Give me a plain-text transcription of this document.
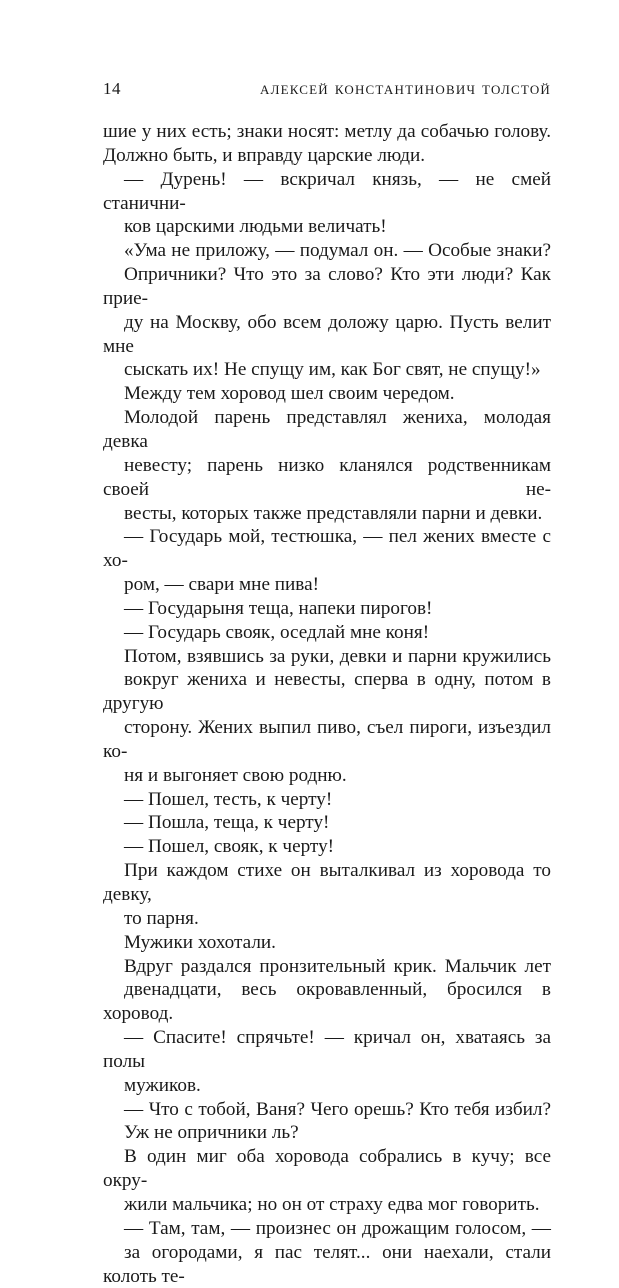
14	алексей константинович толстой

шие у них есть; знаки носят: метлу да собачью голову.
Должно быть, и вправду царские люди.

— Дурень! — вскричал князь, — не смей станични-
ков царскими людьми величать!

«Ума не приложу, — подумал он. — Особые знаки?
Опричники? Что это за слово? Кто эти люди? Как прие-
ду на Москву, обо всем доложу царю. Пусть велит мне
сыскать их! Не спущу им, как Бог свят, не спущу!»

Между тем хоровод шел своим чередом.

Молодой парень представлял жениха, молодая девка
невесту; парень низко кланялся родственникам своей не-
весты, которых также представляли парни и девки.

— Государь мой, тестюшка, — пел жених вместе с хо-
ром, — свари мне пива!

— Государыня теща, напеки пирогов!

— Государь свояк, оседлай мне коня!

Потом, взявшись за руки, девки и парни кружились
вокруг жениха и невесты, сперва в одну, потом в другую
сторону. Жених выпил пиво, съел пироги, изъездил ко-
ня и выгоняет свою родню.

— Пошел, тесть, к черту!

— Пошла, теща, к черту!

— Пошел, свояк, к черту!

При каждом стихе он выталкивал из хоровода то девку,
то парня.

Мужики хохотали.

Вдруг раздался пронзительный крик. Мальчик лет
двенадцати, весь окровавленный, бросился в хоровод.

— Спасите! спрячьте! — кричал он, хватаясь за полы
мужиков.

— Что с тобой, Ваня? Чего орешь? Кто тебя избил?
Уж не опричники ль?

В один миг оба хоровода собрались в кучу; все окру-
жили мальчика; но он от страху едва мог говорить.

— Там, там, — произнес он дрожащим голосом, —
за огородами, я пас телят... они наехали, стали колоть те-
